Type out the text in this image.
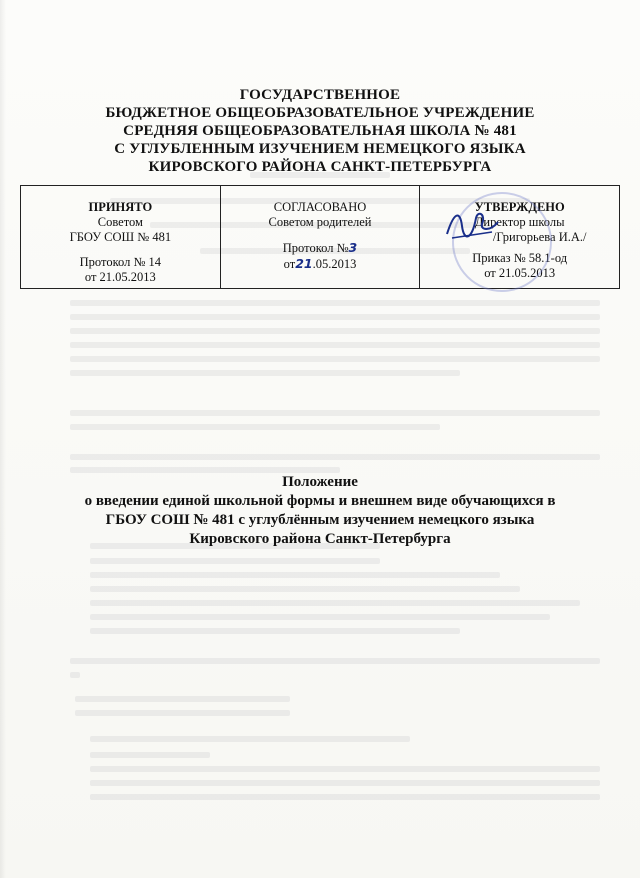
ГОСУДАРСТВЕННОЕ
БЮДЖЕТНОЕ ОБЩЕОБРАЗОВАТЕЛЬНОЕ УЧРЕЖДЕНИЕ
СРЕДНЯЯ ОБЩЕОБРАЗОВАТЕЛЬНАЯ ШКОЛА № 481
С УГЛУБЛЕННЫМ ИЗУЧЕНИЕМ НЕМЕЦКОГО ЯЗЫКА
КИРОВСКОГО РАЙОНА САНКТ-ПЕТЕРБУРГА
ПРИНЯТО
Советом
ГБОУ СОШ № 481
Протокол № 14
от 21.05.2013
СОГЛАСОВАНО
Советом родителей
Протокол №3
от21.05.2013
УТВЕРЖДЕНО
Директор школы
/Григорьева И.А./
Приказ № 58.1-од
от 21.05.2013
Положение
о введении единой школьной формы и внешнем виде обучающихся в
ГБОУ СОШ № 481 с углублённым изучением немецкого языка
Кировского района Санкт-Петербурга
